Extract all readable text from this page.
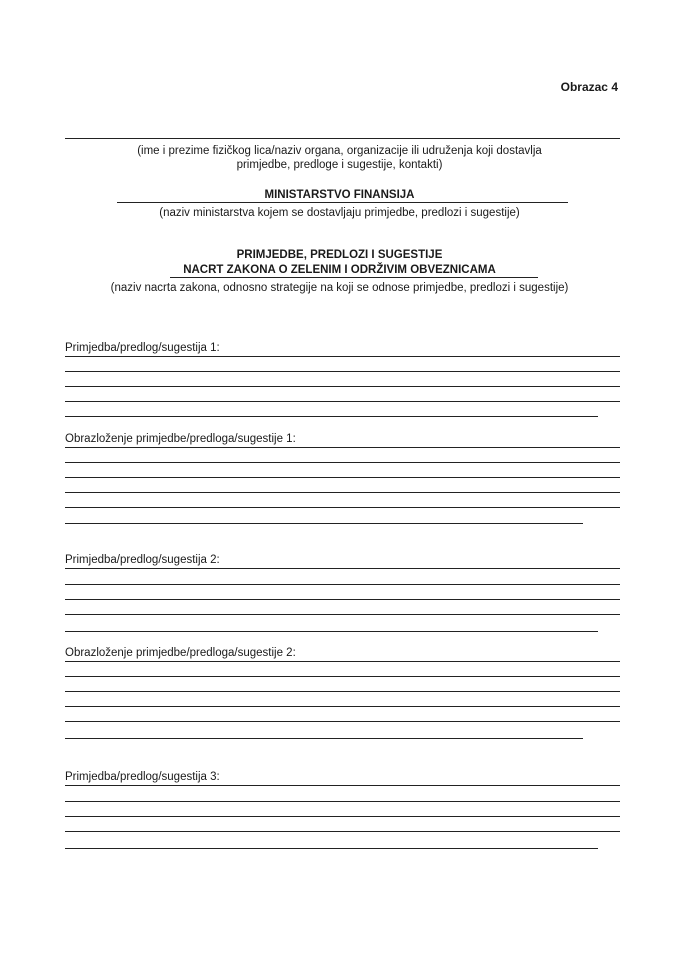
Obrazac 4
(ime i prezime fizičkog lica/naziv organa, organizacije ili udruženja koji dostavlja
primjedbe, predloge i sugestije, kontakti)
MINISTARSTVO FINANSIJA
(naziv ministarstva kojem se dostavljaju primjedbe, predlozi i sugestije)
PRIMJEDBE, PREDLOZI I SUGESTIJE
NACRT ZAKONA O ZELENIM I ODRŽIVIM OBVEZNICAMA
(naziv nacrta zakona, odnosno strategije na koji se odnose primjedbe, predlozi i sugestije)
Primjedba/predlog/sugestija 1:
Obrazloženje primjedbe/predloga/sugestije 1:
Primjedba/predlog/sugestija 2:
Obrazloženje primjedbe/predloga/sugestije 2:
Primjedba/predlog/sugestija 3:
